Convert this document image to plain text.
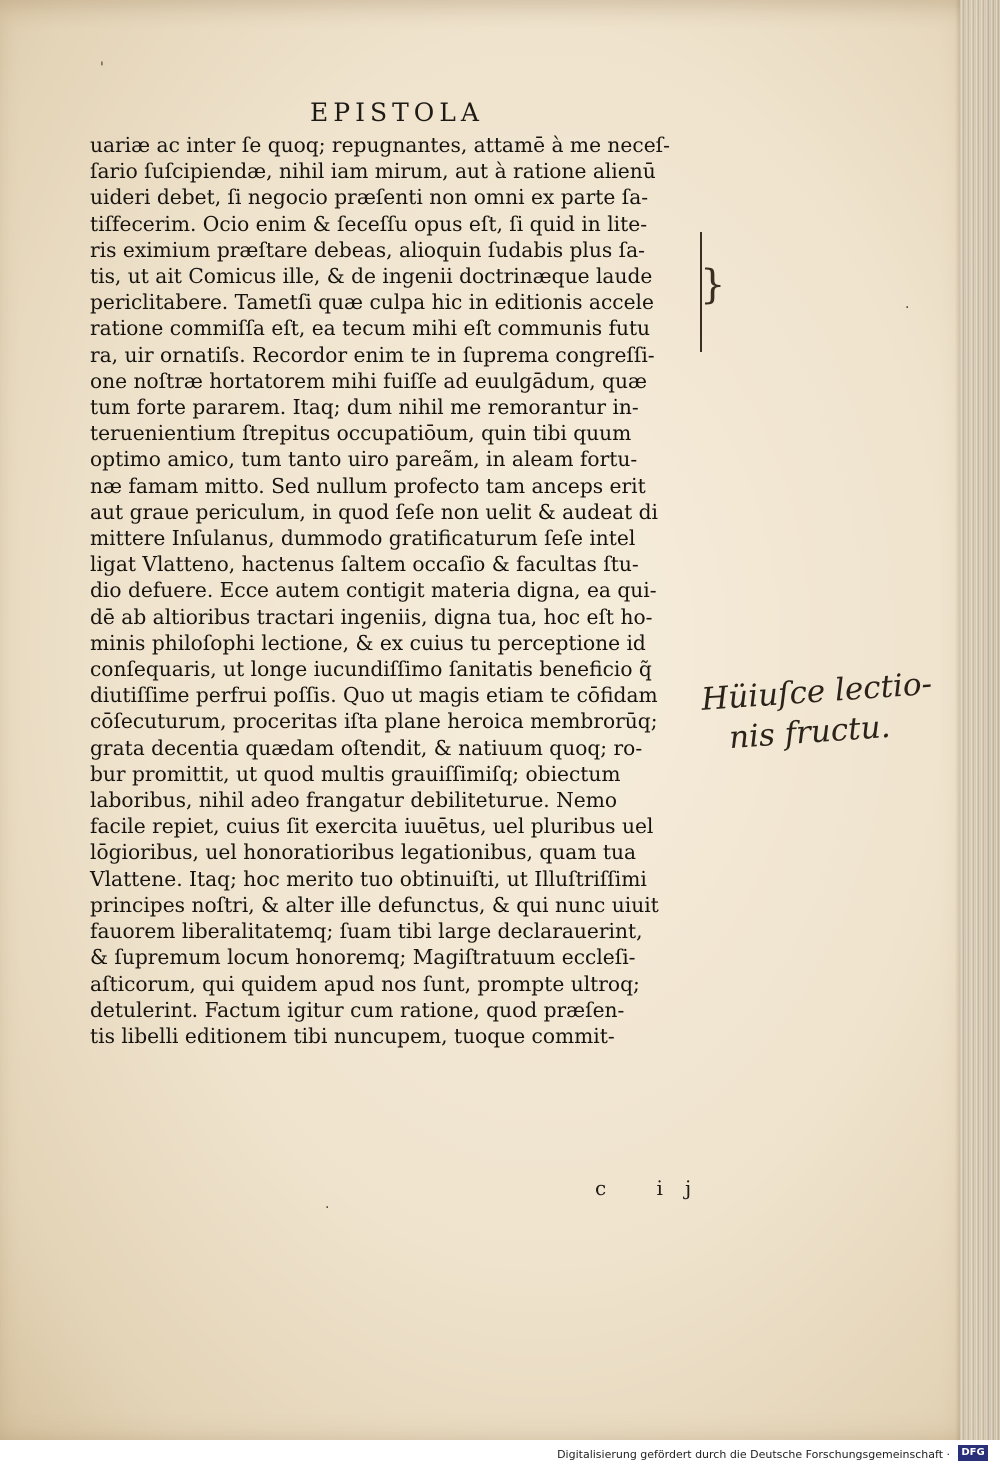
EPISTOLA
uariæ ac inter ſe quoq; repugnantes, attamē à me neceſ-
ſario ſuſcipiendæ, nihil iam mirum, aut à ratione alienū
uideri debet, ſi negocio præſenti non omni ex parte ſa-
tiſfecerim. Ocio enim & ſeceſſu opus eſt, ſi quid in lite-
ris eximium præſtare debeas, alioquin ſudabis plus ſa-
tis, ut ait Comicus ille, & de ingenii doctrinæque laude
periclitabere. Tametſi quæ culpa hic in editionis accele
ratione commiſſa eſt, ea tecum mihi eſt communis futu
ra, uir ornatiſs. Recordor enim te in ſuprema congreſſi-
one noſtræ hortatorem mihi fuiſſe ad euulgādum, quæ
tum forte pararem. Itaq; dum nihil me remorantur in-
teruenientium ſtrepitus occupatiōum, quin tibi quum
optimo amico, tum tanto uiro pareãm, in aleam fortu-
næ famam mitto. Sed nullum profecto tam anceps erit
aut graue periculum, in quod ſeſe non uelit & audeat di
mittere Inſulanus, dummodo gratificaturum ſeſe intel
ligat Vlatteno, hactenus ſaltem occaſio & facultas ſtu-
dio defuere. Ecce autem contigit materia digna, ea qui-
dē ab altioribus tractari ingeniis, digna tua, hoc eſt ho-
minis philoſophi lectione, & ex cuius tu perceptione id
conſequaris, ut longe iucundiſſimo ſanitatis beneficio q̃
diutiſſime perfrui poſſis. Quo ut magis etiam te cōfidam
cōſecuturum, proceritas iſta plane heroica membrorūq;
grata decentia quædam oſtendit, & natiuum quoq; ro-
bur promittit, ut quod multis grauiſſimiſq; obiectum
laboribus, nihil adeo frangatur debiliteturue. Nemo
facile repiet, cuius ſit exercita iuuētus, uel pluribus uel
lōgioribus, uel honoratioribus legationibus, quam tua
Vlattene. Itaq; hoc merito tuo obtinuiſti, ut Illuſtriſſimi
principes noſtri, & alter ille defunctus, & qui nunc uiuit
fauorem liberalitatemq; ſuam tibi large declarauerint,
& ſupremum locum honoremq; Magiſtratuum eccleſi-
aſticorum, qui quidem apud nos ſunt, prompte ultroq;
detulerint. Factum igitur cum ratione, quod præſen-
tis libelli editionem tibi nuncupem, tuoque commit-
}	·
·
'
Hüiuſce lectio-
nis fructu.
c ij
Digitalisierung gefördert durch die Deutsche Forschungsgemeinschaft ·	DFG
